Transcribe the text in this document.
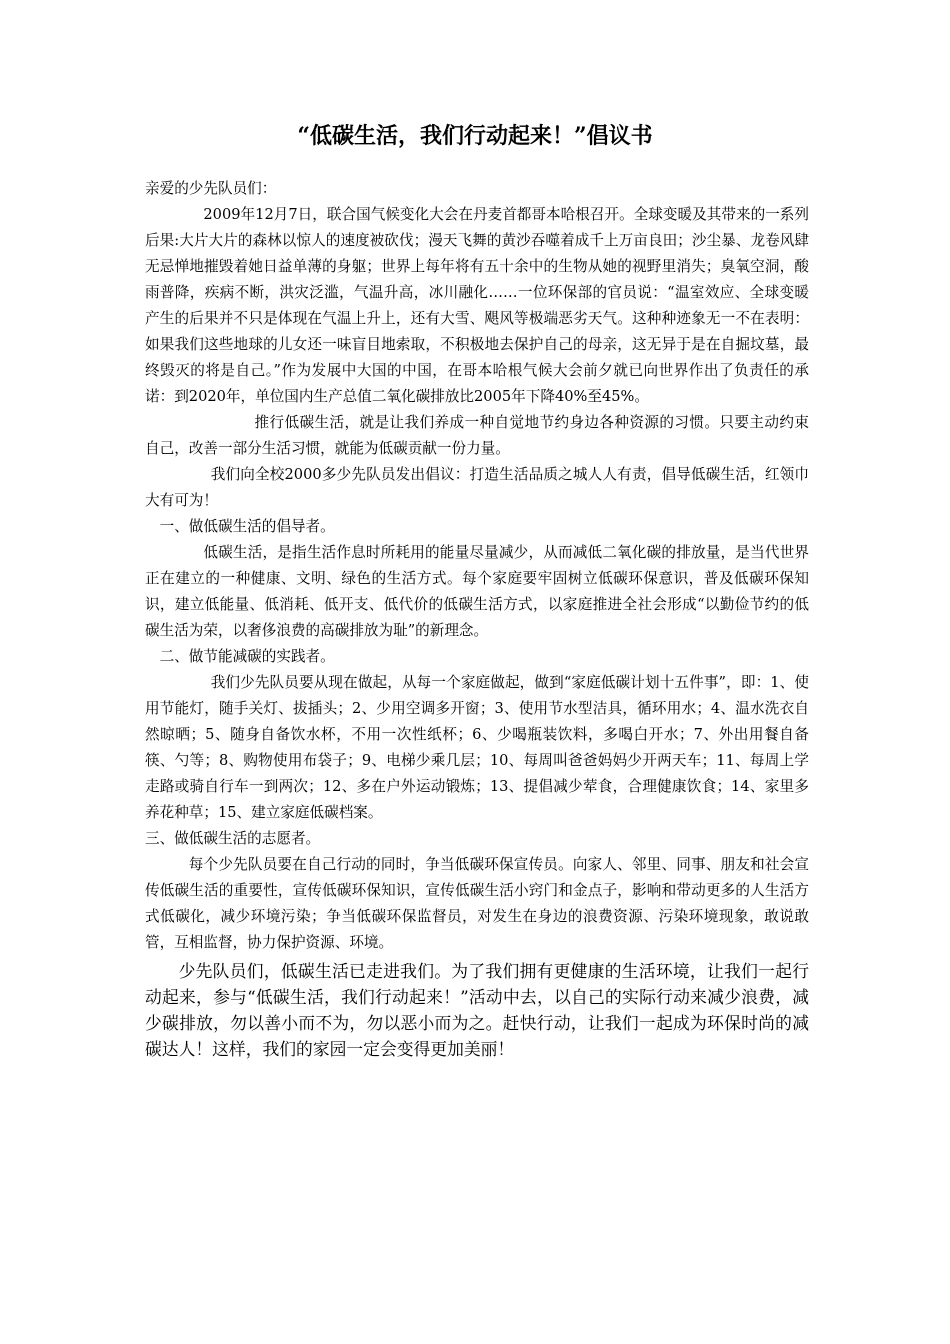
“低碳生活，我们行动起来！”倡议书

亲爱的少先队员们：

2009年12月7日，联合国气候变化大会在丹麦首都哥本哈根召开。全球变暖及其带来的一系列后果:大片大片的森林以惊人的速度被砍伐；漫天飞舞的黄沙吞噬着成千上万亩良田；沙尘暴、龙卷风肆无忌惮地摧毁着她日益单薄的身躯；世界上每年将有五十余中的生物从她的视野里消失；臭氧空洞，酸雨普降，疾病不断，洪灾泛滥，气温升高，冰川融化……一位环保部的官员说：“温室效应、全球变暖产生的后果并不只是体现在气温上升上，还有大雪、飓风等极端恶劣天气。这种种迹象无一不在表明：如果我们这些地球的儿女还一味盲目地索取，不积极地去保护自己的母亲，这无异于是在自掘坟墓，最终毁灭的将是自己。”作为发展中大国的中国，在哥本哈根气候大会前夕就已向世界作出了负责任的承诺：到2020年，单位国内生产总值二氧化碳排放比2005年下降40%至45%。

推行低碳生活，就是让我们养成一种自觉地节约身边各种资源的习惯。只要主动约束自己，改善一部分生活习惯，就能为低碳贡献一份力量。

我们向全校2000多少先队员发出倡议：打造生活品质之城人人有责，倡导低碳生活，红领巾大有可为！

一、做低碳生活的倡导者。

低碳生活，是指生活作息时所耗用的能量尽量减少，从而减低二氧化碳的排放量，是当代世界正在建立的一种健康、文明、绿色的生活方式。每个家庭要牢固树立低碳环保意识，普及低碳环保知识，建立低能量、低消耗、低开支、低代价的低碳生活方式，以家庭推进全社会形成“以勤俭节约的低碳生活为荣，以奢侈浪费的高碳排放为耻”的新理念。

二、做节能减碳的实践者。

我们少先队员要从现在做起，从每一个家庭做起，做到“家庭低碳计划十五件事”，即：1、使用节能灯，随手关灯、拔插头；2、少用空调多开窗；3、使用节水型洁具，循环用水；4、温水洗衣自然晾晒；5、随身自备饮水杯，不用一次性纸杯；6、少喝瓶装饮料，多喝白开水；7、外出用餐自备筷、勺等；8、购物使用布袋子；9、电梯少乘几层；10、每周叫爸爸妈妈少开两天车；11、每周上学走路或骑自行车一到两次；12、多在户外运动锻炼；13、提倡减少荤食，合理健康饮食；14、家里多养花种草；15、建立家庭低碳档案。

三、做低碳生活的志愿者。

每个少先队员要在自己行动的同时，争当低碳环保宣传员。向家人、邻里、同事、朋友和社会宣传低碳生活的重要性，宣传低碳环保知识，宣传低碳生活小窍门和金点子，影响和带动更多的人生活方式低碳化，减少环境污染；争当低碳环保监督员，对发生在身边的浪费资源、污染环境现象，敢说敢管，互相监督，协力保护资源、环境。

少先队员们，低碳生活已走进我们。为了我们拥有更健康的生活环境，让我们一起行动起来，参与“低碳生活，我们行动起来！”活动中去，以自己的实际行动来减少浪费，减少碳排放，勿以善小而不为，勿以恶小而为之。赶快行动，让我们一起成为环保时尚的减碳达人！这样，我们的家园一定会变得更加美丽！
